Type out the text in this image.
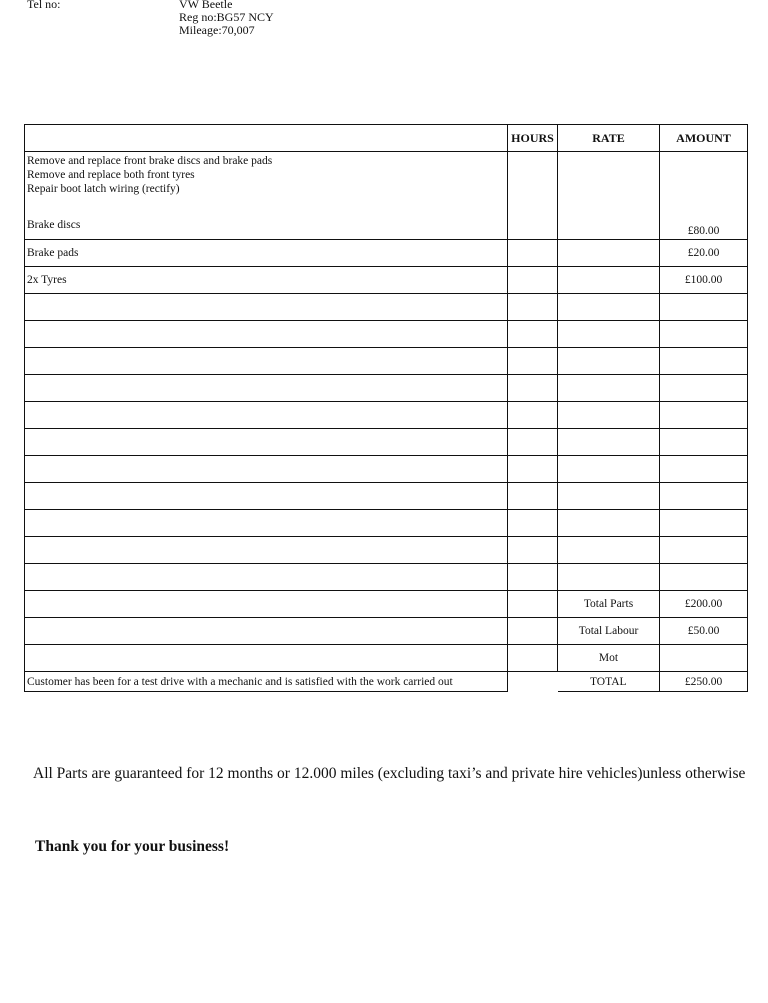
Tel no:	VW Beetle
Reg no:BG57 NCY
Mileage:70,007
	HOURS	RATE	AMOUNT

Remove and replace front brake discs and brake pads
Remove and replace both front tyres
Repair boot latch wiring (rectify)
Brake discs			£80.00
Brake pads			£20.00
2x Tyres			£100.00

		Total Parts	£200.00
		Total Labour	£50.00
		Mot	
Customer has been for a test drive with a mechanic and is satisfied with the work carried out		TOTAL	£250.00
All Parts are guaranteed for 12 months or 12.000 miles (excluding taxi’s and private hire vehicles)unless otherwise
Thank you for your business!
